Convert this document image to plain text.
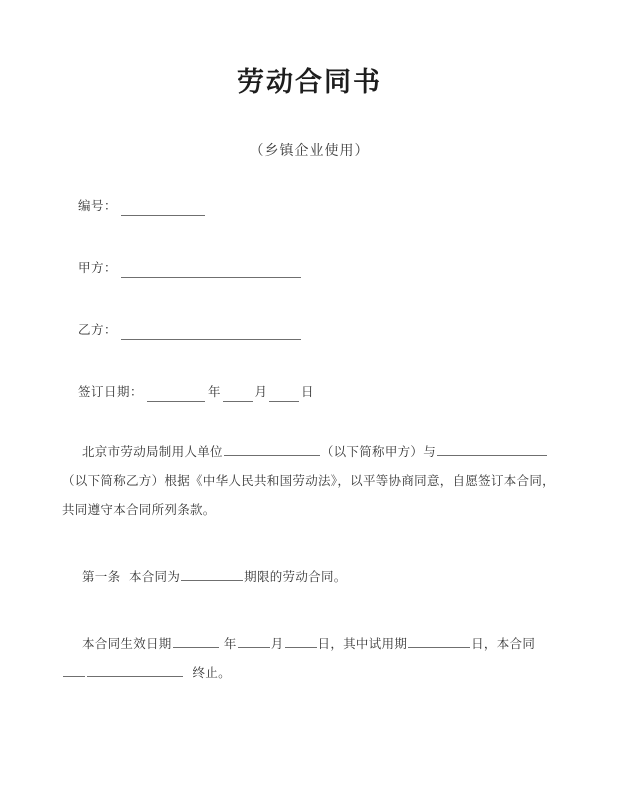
劳动合同书
（乡镇企业使用）
编号：
甲方：
乙方：
签订日期：	年	月	日
北京市劳动局制用人单位	（以下简称甲方）与（以下简称乙方）根据《中华人民共和国劳动法》，以平等协商同意，自愿签订本合同，共同遵守本合同所列条款。
第一条 本合同为	期限的劳动合同。
本合同生效日期	年	月	日，其中试用期	日，本合同  终止。
